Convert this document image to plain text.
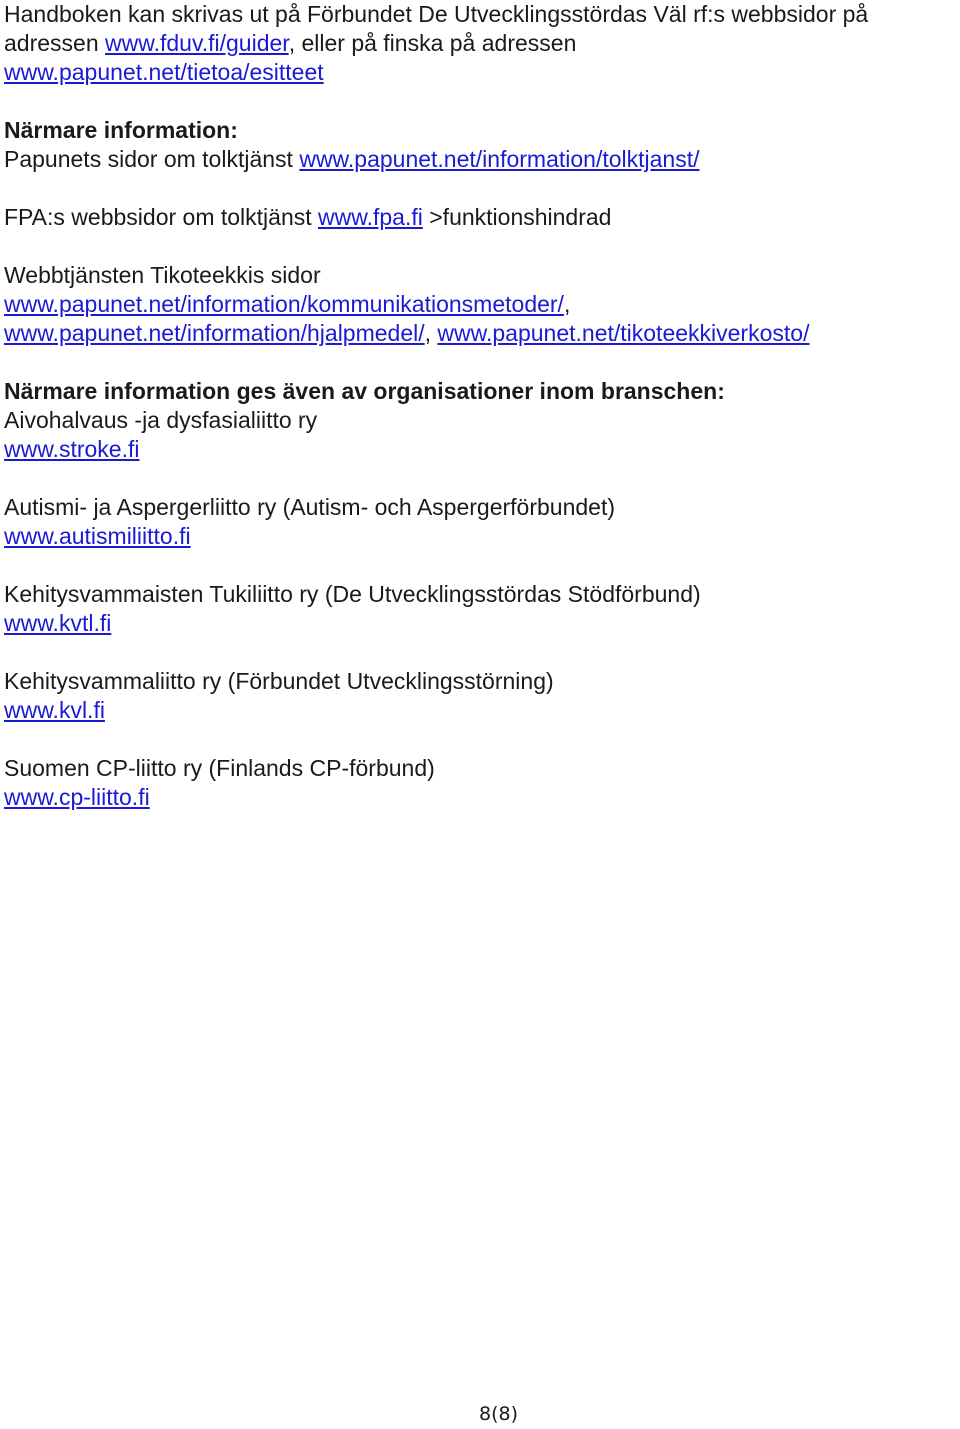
Handboken kan skrivas ut på Förbundet De Utvecklingsstördas Väl rf:s webbsidor på adressen www.fduv.fi/guider, eller på finska på adressen

www.papunet.net/tietoa/esitteet

Närmare information:

Papunets sidor om tolktjänst www.papunet.net/information/tolktjanst/

FPA:s webbsidor om tolktjänst www.fpa.fi >funktionshindrad

Webbtjänsten Tikoteekkis sidor

www.papunet.net/information/kommunikationsmetoder/,

www.papunet.net/information/hjalpmedel/, www.papunet.net/tikoteekkiverkosto/

Närmare information ges även av organisationer inom branschen:

Aivohalvaus -ja dysfasialiitto ry

www.stroke.fi

Autismi- ja Aspergerliitto ry (Autism- och Aspergerförbundet)

www.autismiliitto.fi

Kehitysvammaisten Tukiliitto ry (De Utvecklingsstördas Stödförbund)

www.kvtl.fi

Kehitysvammaliitto ry (Förbundet Utvecklingsstörning)

www.kvl.fi

Suomen CP-liitto ry (Finlands CP-förbund)

www.cp-liitto.fi

8(8)
